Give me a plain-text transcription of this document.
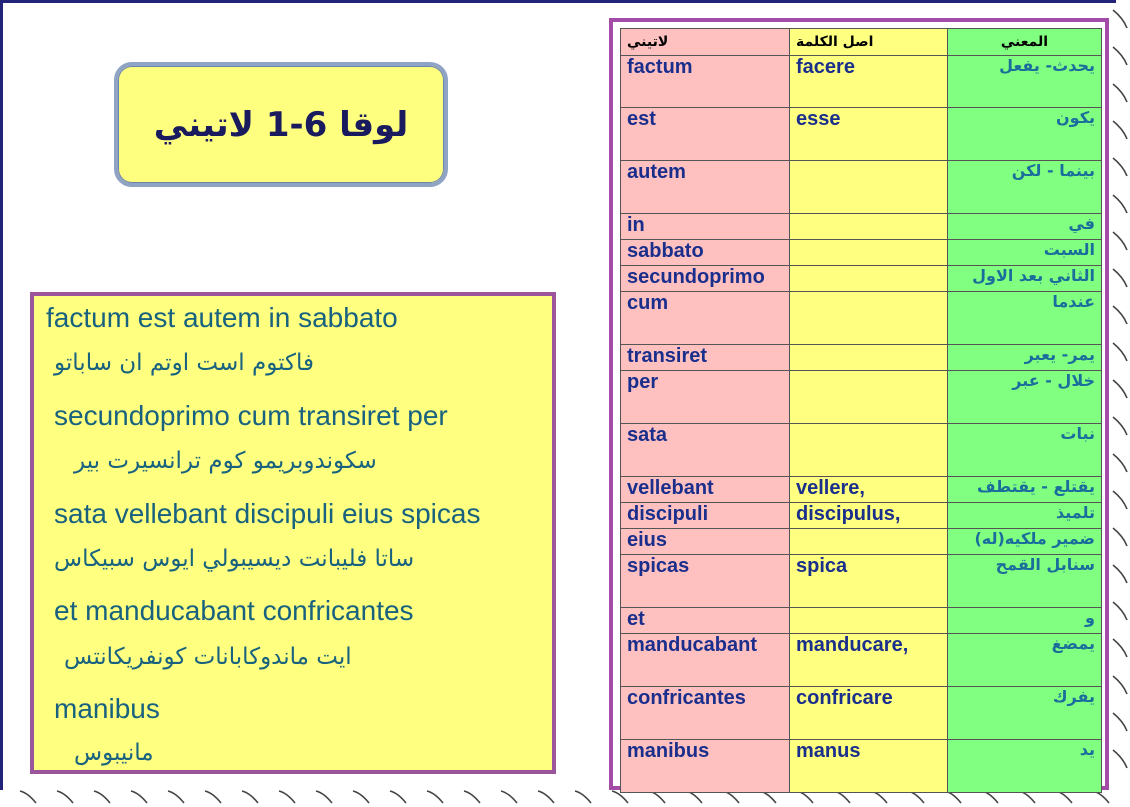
لوقا 6-1 لاتيني
factum est autem in sabbato
فاكتوم است اوتم ان ساباتو
secundoprimo cum transiret per
سكوندوبريمو كوم ترانسيرت بير
sata vellebant discipuli eius spicas
ساتا فليبانت ديسيبولي ايوس سبيكاس
et manducabant confricantes
ايت ماندوكابانات كونفريكانتس
manibus
مانيبوس
لاتيني	اصل الكلمة	المعني
factum	facere	يحدث- يفعل
est	esse	يكون
autem		بينما - لكن
in		في
sabbato		السبت
secundoprimo		الثاني بعد الاول
cum		عندما
transiret		يمر- يعبر
per		خلال - عبر
sata		نبات
vellebant	vellere,	يقتلع - يقتطف
discipuli	discipulus,	تلميذ
eius		ضمير ملكيه(له)
spicas	spica	سنابل القمح
et		و
manducabant	manducare,	يمضغ
confricantes	confricare	يفرك
manibus	manus	يد
